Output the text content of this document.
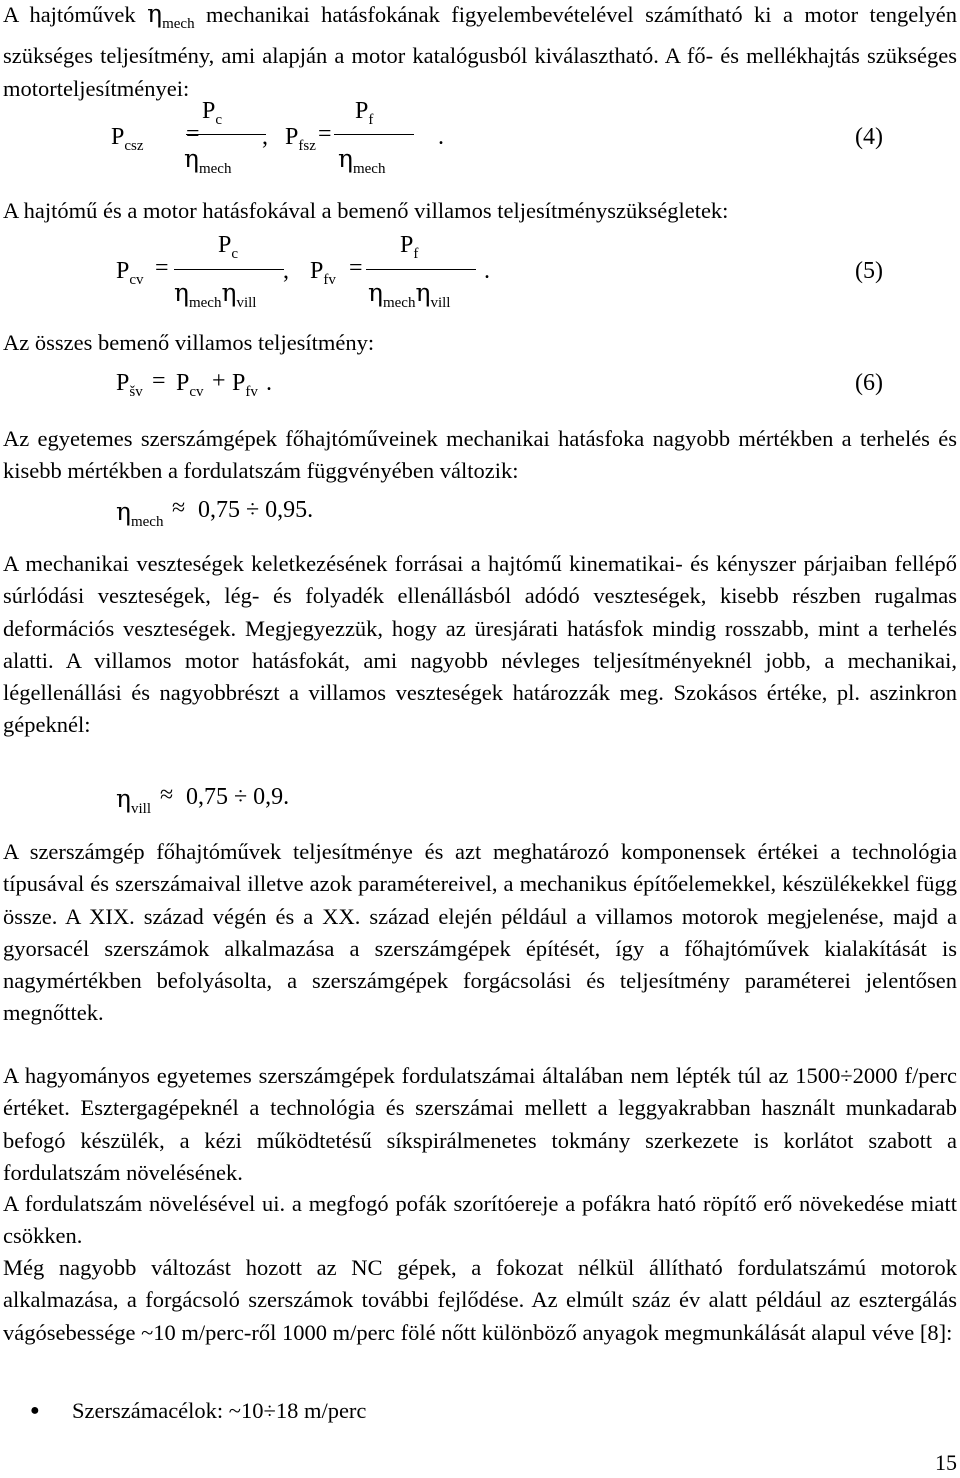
A hajtóművek $\eta_{mech}$ mechanikai hatásfokának figyelembevételével számítható ki a motor tengelyén szükséges teljesítmény, ami alapján a motor katalógusból kiválasztható. A fő- és mellékhajtás szükséges motorteljesítményei:

$P_{csz}$ =
$P_c$
$\eta_{mech}$
, $P_{fsz}$ =
$P_f$
$\eta_{mech}$
.	(4)

A hajtómű és a motor hatásfokával a bemenő villamos teljesítményszükségletek:

$P_{cv}$ =
$P_c$
$\eta_{mech}\eta_{vill}$
, $P_{fv}$ =
$P_f$
$\eta_{mech}\eta_{vill}$
.	(5)

Az összes bemenő villamos teljesítmény:

$P_{šv} = P_{cv} + P_{fv}$ .	(6)

Az egyetemes szerszámgépek főhajtóműveinek mechanikai hatásfoka nagyobb mértékben a terhelés és kisebb mértékben a fordulatszám függvényében változik:

$\eta_{mech}$
≈ 0,75 ÷ 0,95.

A mechanikai veszteségek keletkezésének forrásai a hajtómű kinematikai- és kényszer párjaiban fellépő súrlódási veszteségek, lég- és folyadék ellenállásból adódó veszteségek, kisebb részben rugalmas deformációs veszteségek. Megjegyezzük, hogy az üresjárati hatásfok mindig rosszabb, mint a terhelés alatti. A villamos motor hatásfokát, ami nagyobb névleges teljesítményeknél jobb, a mechanikai, légellenállási és nagyobbrészt a villamos veszteségek határozzák meg. Szokásos értéke, pl. aszinkron gépeknél:

$\eta_{vill}$
≈ 0,75 ÷ 0,9.

A szerszámgép főhajtóművek teljesítménye és azt meghatározó komponensek értékei a technológia típusával és szerszámaival illetve azok paramétereivel, a mechanikus építőelemekkel, készülékekkel függ össze. A XIX. század végén és a XX. század elején például a villamos motorok megjelenése, majd a gyorsacél szerszámok alkalmazása a szerszámgépek építését, így a főhajtóművek kialakítását is nagymértékben befolyásolta, a szerszámgépek forgácsolási és teljesítmény paraméterei jelentősen megnőttek.

A hagyományos egyetemes szerszámgépek fordulatszámai általában nem lépték túl az 1500÷2000 f/perc értéket. Esztergagépeknél a technológia és szerszámai mellett a leggyakrabban használt munkadarab befogó készülék, a kézi működtetésű síkspirálmenetes tokmány szerkezete is korlátot szabott a fordulatszám növelésének.

A fordulatszám növelésével ui. a megfogó pofák szorítóereje a pofákra ható röpítő erő növekedése miatt csökken.

Még nagyobb változást hozott az NC gépek, a fokozat nélkül állítható fordulatszámú motorok alkalmazása, a forgácsoló szerszámok további fejlődése. Az elmúlt száz év alatt például az esztergálás vágósebessége ~10 m/perc-ről 1000 m/perc fölé nőtt különböző anyagok megmunkálását alapul véve [8]:

● Szerszámacélok: ~10÷18 m/perc
15
